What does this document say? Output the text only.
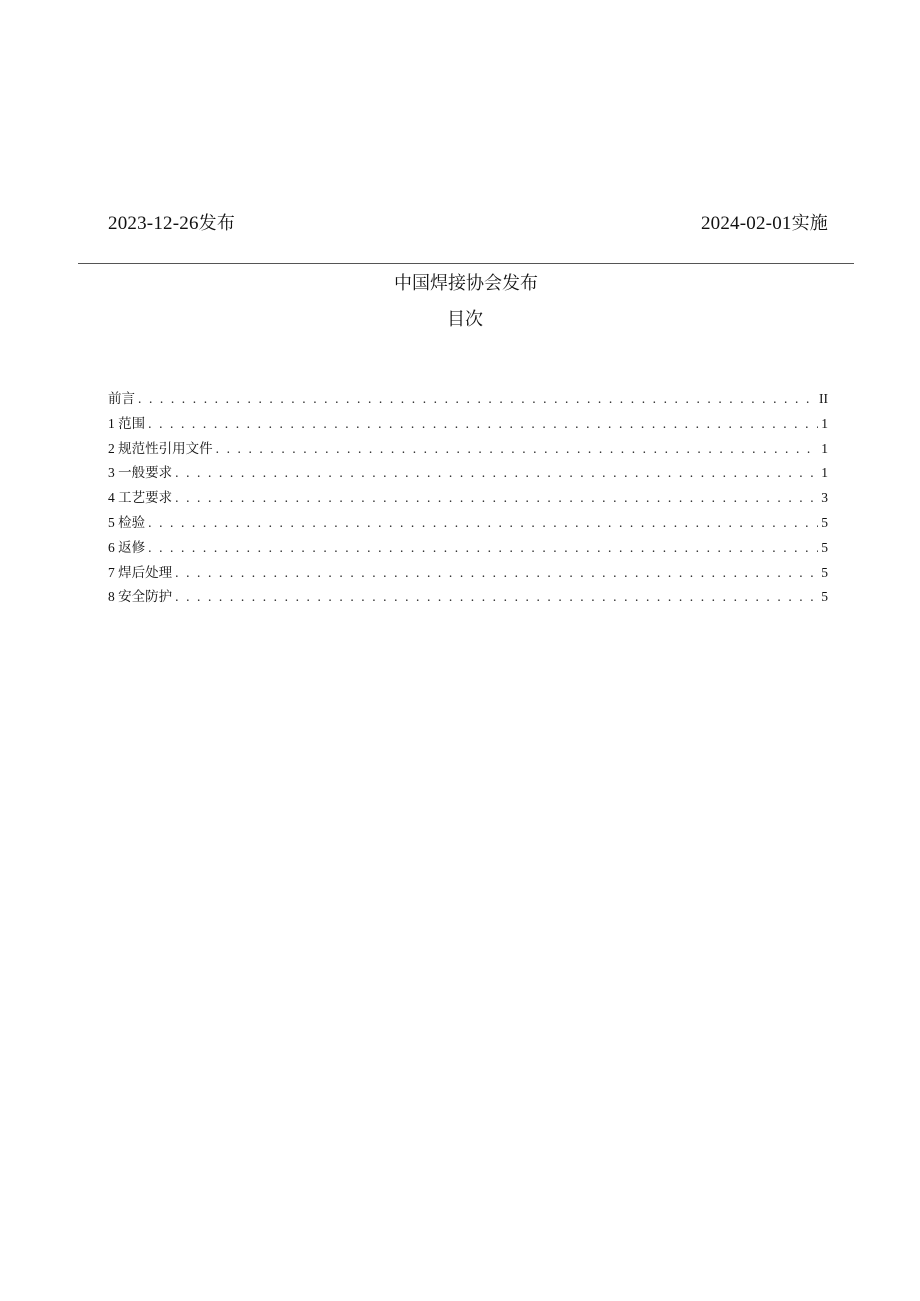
2023-12-26发布	2024-02-01实施
中国焊接协会发布
目次
前言 . . .	II
1 范围 . . .	1
2 规范性引用文件 . . .	1
3 一般要求 . . .	1
4 工艺要求 . . .	3
5 检验 . . .	5
6 返修 . . .	5
7 焊后处理 . . .	5
8 安全防护 . . .	5
